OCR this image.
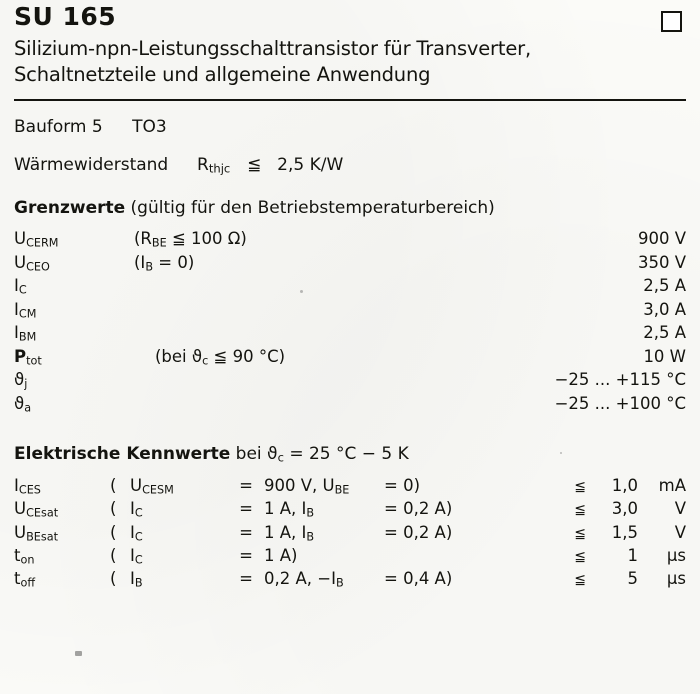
SU 165
Silizium-npn-Leistungsschalttransistor für Transverter,
Schaltnetzteile und allgemeine Anwendung
Bauform 5 TO3
Wärmewiderstand $R_{thjc}$ ≦ 2,5 K/W
Grenzwerte (gültig für den Betriebstemperaturbereich)
$U_{CERM}$	($R_{BE}$ ≦ 100 Ω)	900 V
$U_{CEO}$	$(I_B = 0)$	350 V
$I_C$		2,5 A
$I_{CM}$		3,0 A
$I_{BM}$		2,5 A
$P_{tot}$	(bei $ϑ_c$ ≦ 90 °C)	10 W
$ϑ_j$		−25 ... +115 °C
$ϑ_a$		−25 ... +100 °C
Elektrische Kennwerte bei $ϑ_c = 25$ °C − 5 K
$I_{CES}$	(	$U_{CESM}$	=	900 V, $U_{BE}$	= 0)	≦	1,0	mA
$U_{CEsat}$	(	$I_C$	=	1 A, $I_B$	= 0,2 A)	≦	3,0	V
$U_{BEsat}$	(	$I_C$	=	1 A, $I_B$	= 0,2 A)	≦	1,5	V
$t_{on}$	(	$I_C$	=	1 A)		≦	1	µs
$t_{off}$	(	$I_B$	=	0,2 A, $-I_B$	= 0,4 A)	≦	5	µs
